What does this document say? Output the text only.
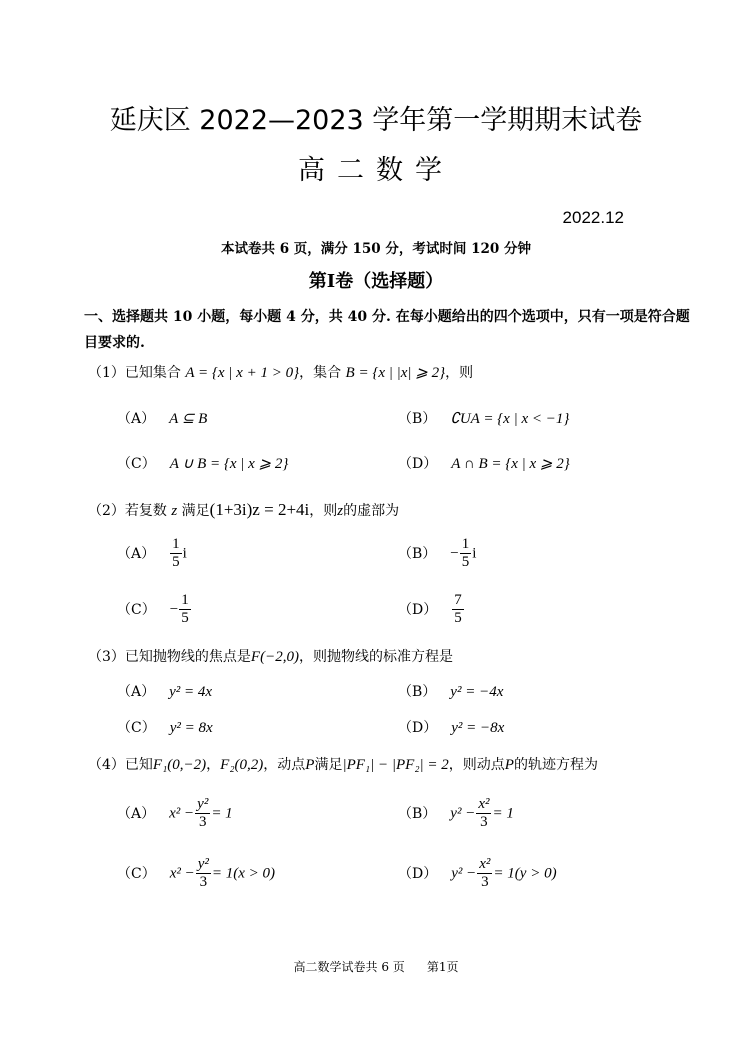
延庆区 2022—2023 学年第一学期期末试卷
高二数学
2022.12
本试卷共 6 页，满分 150 分，考试时间 120 分钟
第Ⅰ卷（选择题）
一、选择题共 10 小题，每小题 4 分，共 40 分. 在每小题给出的四个选项中，只有一项是符合题目要求的.
（1）已知集合 A = {x | x + 1 > 0}，集合 B = {x | |x| ⩾ 2}，则
（A） A ⊆ B	（B） ∁UA = {x | x < −1}
（C） A ∪ B = {x | x ⩾ 2}	（D） A ∩ B = {x | x ⩾ 2}
（2）若复数 z 满足(1+3i)z = 2+4i，则z的虚部为
$(A) \frac{1}{5}$ i	$(B) - \frac{1}{5}$ i
$(C) - \frac{1}{5}$	$(D) \frac{7}{5}$
（3）已知抛物线的焦点是F(−2,0)，则抛物线的标准方程是
（A） y² = 4x	（B） y² = −4x
（C） y² = 8x	（D） y² = −8x
（4）已知F₁(0,−2)，F₂(0,2)，动点P满足|PF₁| − |PF₂| = 2，则动点P的轨迹方程为
（A） $x^2 - \frac{\text{y²}}{3} = 1$	（B） $y^2 - \frac{\text{x²}}{3} = 1$
（C） $x^2 - \frac{\text{y²}}{3} = 1(x > 0)$	（D） $y^2 - \frac{\text{x²}}{3} = 1(y > 0)$
高二数学试卷共 6 页 第1页
